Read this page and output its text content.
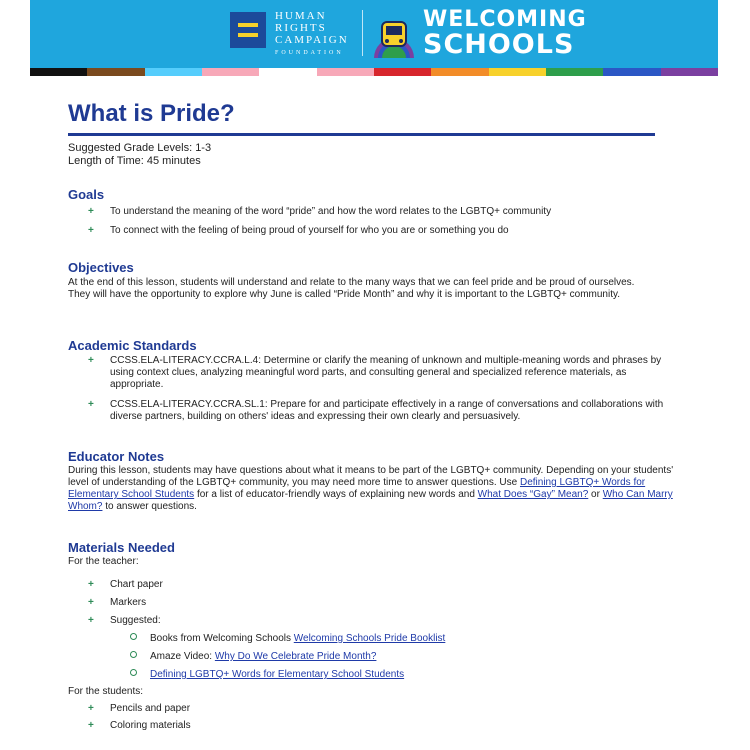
HUMAN
RIGHTS
CAMPAIGN
FOUNDATION
WELCOMING
SCHOOLS
What is Pride?
Suggested Grade Levels: 1-3
Length of Time: 45 minutes
Goals
+ To understand the meaning of the word “pride” and how the word relates to the LGBTQ+ community
+ To connect with the feeling of being proud of yourself for who you are or something you do
Objectives

At the end of this lesson, students will understand and relate to the many ways that we can feel pride and be proud of ourselves. They will have the opportunity to explore why June is called “Pride Month” and why it is important to the LGBTQ+ community.

Academic Standards
+ CCSS.ELA-LITERACY.CCRA.L.4: Determine or clarify the meaning of unknown and multiple-meaning words and phrases by using context clues, analyzing meaningful word parts, and consulting general and specialized reference materials, as appropriate.
+ CCSS.ELA-LITERACY.CCRA.SL.1: Prepare for and participate effectively in a range of conversations and collaborations with diverse partners, building on others' ideas and expressing their own clearly and persuasively.
Educator Notes

During this lesson, students may have questions about what it means to be part of the LGBTQ+ community. Depending on your students' level of understanding of the LGBTQ+ community, you may need more time to answer questions. Use Defining LGBTQ+ Words for Elementary School Students for a list of educator-friendly ways of explaining new words and What Does “Gay” Mean? or Who Can Marry Whom? to answer questions.

Materials Needed
For the teacher:
+ Chart paper
+ Markers
+ Suggested:
Books from Welcoming Schools Welcoming Schools Pride Booklist
Amaze Video: Why Do We Celebrate Pride Month?
Defining LGBTQ+ Words for Elementary School Students
For the students:
+ Pencils and paper
+ Coloring materials
